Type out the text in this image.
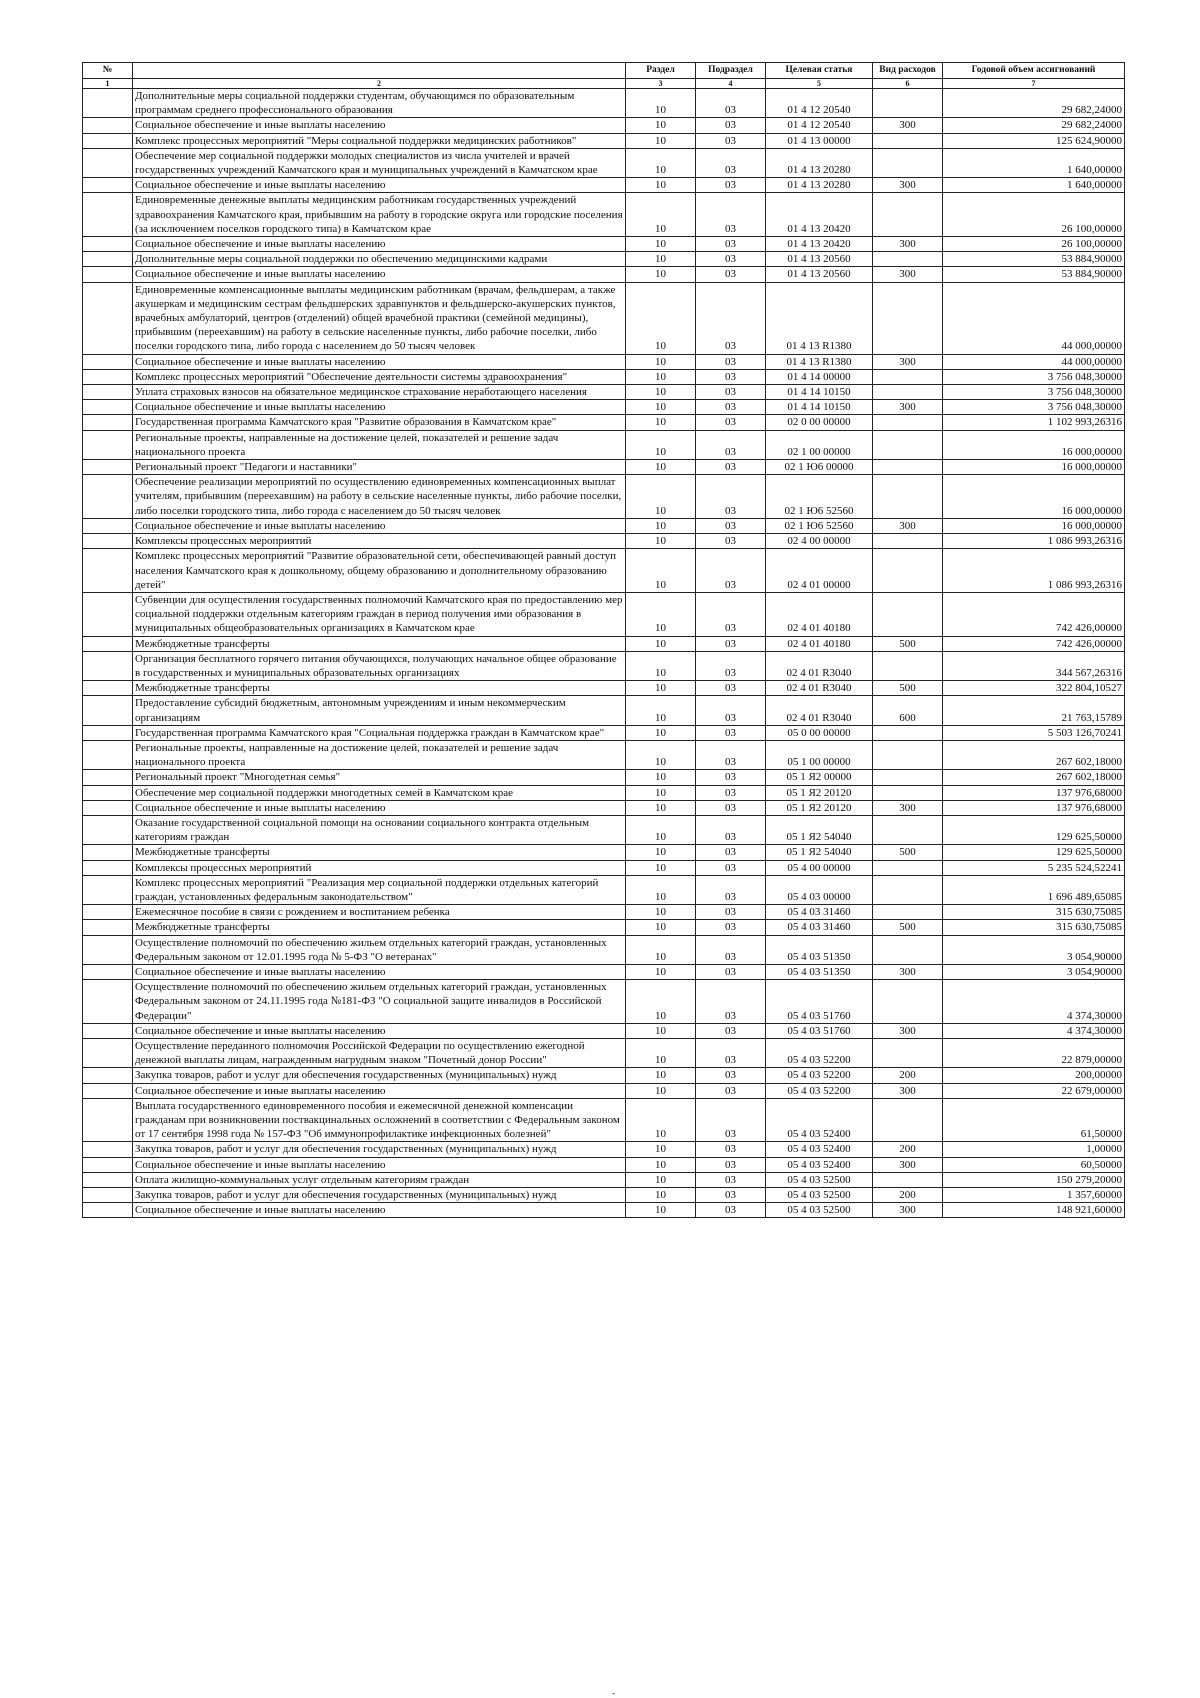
№		Раздел	Подраздел	Целевая статья	Вид расходов	Годовой объем ассигнований
1	2	3	4	5	6	7
	Дополнительные меры социальной поддержки студентам, обучающимся по образовательным программам среднего профессионального образования	10	03	01 4 12 20540		29 682,24000
	Социальное обеспечение и иные выплаты населению	10	03	01 4 12 20540	300	29 682,24000
	Комплекс процессных мероприятий "Меры социальной поддержки медицинских работников"	10	03	01 4 13 00000		125 624,90000
	Обеспечение мер социальной поддержки молодых специалистов из числа учителей и врачей государственных учреждений Камчатского края и муниципальных учреждений в Камчатском крае	10	03	01 4 13 20280		1 640,00000
	Социальное обеспечение и иные выплаты населению	10	03	01 4 13 20280	300	1 640,00000
	Единовременные денежные выплаты медицинским работникам государственных учреждений здравоохранения Камчатского края, прибывшим на работу в городские округа или городские поселения (за исключением поселков городского типа) в Камчатском крае	10	03	01 4 13 20420		26 100,00000
	Социальное обеспечение и иные выплаты населению	10	03	01 4 13 20420	300	26 100,00000
	Дополнительные меры социальной поддержки по обеспечению медицинскими кадрами	10	03	01 4 13 20560		53 884,90000
	Социальное обеспечение и иные выплаты населению	10	03	01 4 13 20560	300	53 884,90000
	Единовременные компенсационные выплаты медицинским работникам (врачам, фельдшерам, а также акушеркам и медицинским сестрам фельдшерских здравпунктов и фельдшерско-акушерских пунктов, врачебных амбулаторий, центров (отделений) общей врачебной практики (семейной медицины), прибывшим (переехавшим) на работу в сельские населенные пункты, либо рабочие поселки, либо поселки городского типа, либо города с населением до 50 тысяч человек	10	03	01 4 13 R1380		44 000,00000
	Социальное обеспечение и иные выплаты населению	10	03	01 4 13 R1380	300	44 000,00000
	Комплекс процессных мероприятий "Обеспечение деятельности системы здравоохранения"	10	03	01 4 14 00000		3 756 048,30000
	Уплата страховых взносов на обязательное медицинское страхование неработающего населения	10	03	01 4 14 10150		3 756 048,30000
	Социальное обеспечение и иные выплаты населению	10	03	01 4 14 10150	300	3 756 048,30000
	Государственная программа Камчатского края "Развитие образования в Камчатском крае"	10	03	02 0 00 00000		1 102 993,26316
	Региональные проекты, направленные на достижение целей, показателей и решение задач национального проекта	10	03	02 1 00 00000		16 000,00000
	Региональный проект "Педагоги и наставники"	10	03	02 1 Ю6 00000		16 000,00000
	Обеспечение реализации мероприятий по осуществлению единовременных компенсационных выплат учителям, прибывшим (переехавшим) на работу в сельские населенные пункты, либо рабочие поселки, либо поселки городского типа, либо города с населением до 50 тысяч человек	10	03	02 1 Ю6 52560		16 000,00000
	Социальное обеспечение и иные выплаты населению	10	03	02 1 Ю6 52560	300	16 000,00000
	Комплексы процессных мероприятий	10	03	02 4 00 00000		1 086 993,26316
	Комплекс процессных мероприятий "Развитие образовательной сети, обеспечивающей равный доступ населения Камчатского края к дошкольному, общему образованию и дополнительному образованию детей"	10	03	02 4 01 00000		1 086 993,26316
	Субвенции для осуществления государственных полномочий Камчатского края по предоставлению мер социальной поддержки отдельным категориям граждан в период получения ими образования в муниципальных общеобразовательных организациях в Камчатском крае	10	03	02 4 01 40180		742 426,00000
	Межбюджетные трансферты	10	03	02 4 01 40180	500	742 426,00000
	Организация бесплатного горячего питания обучающихся, получающих начальное общее образование в государственных и муниципальных образовательных организациях	10	03	02 4 01 R3040		344 567,26316
	Межбюджетные трансферты	10	03	02 4 01 R3040	500	322 804,10527
	Предоставление субсидий бюджетным, автономным учреждениям и иным некоммерческим организациям	10	03	02 4 01 R3040	600	21 763,15789
	Государственная программа Камчатского края "Социальная поддержка граждан в Камчатском крае"	10	03	05 0 00 00000		5 503 126,70241
	Региональные проекты, направленные на достижение целей, показателей и решение задач национального проекта	10	03	05 1 00 00000		267 602,18000
	Региональный проект "Многодетная семья"	10	03	05 1 Я2 00000		267 602,18000
	Обеспечение мер социальной поддержки многодетных семей в Камчатском крае	10	03	05 1 Я2 20120		137 976,68000
	Социальное обеспечение и иные выплаты населению	10	03	05 1 Я2 20120	300	137 976,68000
	Оказание государственной социальной помощи на основании социального контракта отдельным категориям граждан	10	03	05 1 Я2 54040		129 625,50000
	Межбюджетные трансферты	10	03	05 1 Я2 54040	500	129 625,50000
	Комплексы процессных мероприятий	10	03	05 4 00 00000		5 235 524,52241
	Комплекс процессных мероприятий "Реализация мер социальной поддержки отдельных категорий граждан, установленных федеральным законодательством"	10	03	05 4 03 00000		1 696 489,65085
	Ежемесячное пособие в связи с рождением и воспитанием ребенка	10	03	05 4 03 31460		315 630,75085
	Межбюджетные трансферты	10	03	05 4 03 31460	500	315 630,75085
	Осуществление полномочий по обеспечению жильем отдельных категорий граждан, установленных Федеральным законом от 12.01.1995 года № 5-ФЗ "О ветеранах"	10	03	05 4 03 51350		3 054,90000
	Социальное обеспечение и иные выплаты населению	10	03	05 4 03 51350	300	3 054,90000
	Осуществление полномочий по обеспечению жильем отдельных категорий граждан, установленных Федеральным законом от 24.11.1995 года №181-ФЗ "О социальной защите инвалидов в Российской Федерации"	10	03	05 4 03 51760		4 374,30000
	Социальное обеспечение и иные выплаты населению	10	03	05 4 03 51760	300	4 374,30000
	Осуществление переданного полномочия Российской Федерации по осуществлению ежегодной денежной выплаты лицам, награжденным нагрудным знаком "Почетный донор России"	10	03	05 4 03 52200		22 879,00000
	Закупка товаров, работ и услуг для обеспечения государственных (муниципальных) нужд	10	03	05 4 03 52200	200	200,00000
	Социальное обеспечение и иные выплаты населению	10	03	05 4 03 52200	300	22 679,00000
	Выплата государственного единовременного пособия и ежемесячной денежной компенсации гражданам при возникновении поствакцинальных осложнений в соответствии с Федеральным законом от 17 сентября 1998 года № 157-ФЗ "Об иммунопрофилактике инфекционных болезней"	10	03	05 4 03 52400		61,50000
	Закупка товаров, работ и услуг для обеспечения государственных (муниципальных) нужд	10	03	05 4 03 52400	200	1,00000
	Социальное обеспечение и иные выплаты населению	10	03	05 4 03 52400	300	60,50000
	Оплата жилищно-коммунальных услуг отдельным категориям граждан	10	03	05 4 03 52500		150 279,20000
	Закупка товаров, работ и услуг для обеспечения государственных (муниципальных) нужд	10	03	05 4 03 52500	200	1 357,60000
	Социальное обеспечение и иные выплаты населению	10	03	05 4 03 52500	300	148 921,60000
-
